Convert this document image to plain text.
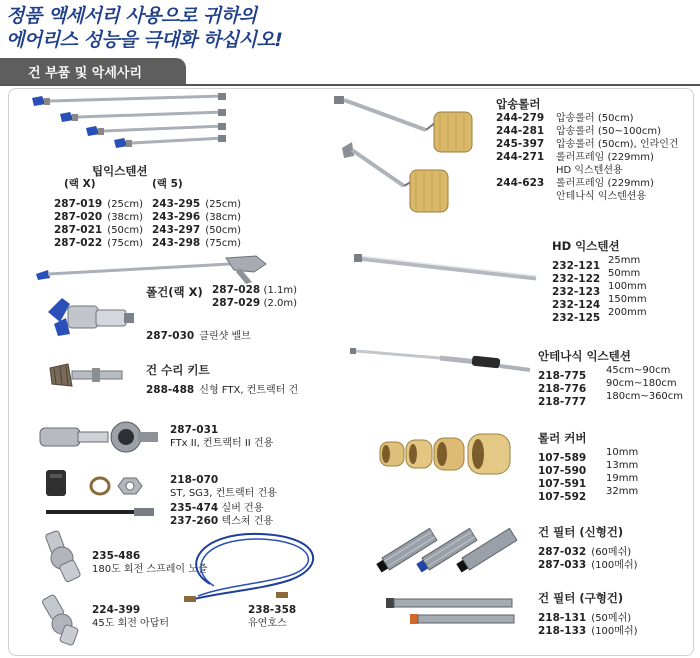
정품 액세서리 사용으로 귀하의
에어리스 성능을 극대화 하십시오!
건 부품 및 악세사리
팁익스텐션
(랙 X)	(랙 5)
287-019 (25cm)
287-020 (38cm)
287-021 (50cm)
287-022 (75cm)
243-295 (25cm)
243-296 (38cm)
243-297 (50cm)
243-298 (75cm)
폴건(랙 X) 287-028 (1.1m)
287-029 (2.0m)
287-030 클린샷 밸브
건 수리 키트
288-488 신형 FTX, 컨트랙터 건
287-031
FTx II, 컨트랙터 II 건용
218-070
ST, SG3, 컨트랙터 건용
235-474 실버 건용
237-260 텍스쳐 건용
235-486
180도 회전 스프레이 노즐
224-399
45도 회전 아답터
238-358
유연호스
압송롤러
244-279
244-281
245-397
244-271
244-623
압송롤러 (50cm)
압송롤러 (50~100cm)
압송롤러 (50cm), 인라인건
롤러프레임 (229mm)
HD 익스텐션용
롤러프레임 (229mm)
안테나식 익스텐션용
HD 익스텐션
232-121
232-122
232-123
232-124
232-125
25mm
50mm
100mm
150mm
200mm
안테나식 익스텐션
218-775
218-776
218-777
45cm~90cm
90cm~180cm
180cm~360cm
롤러 커버
107-589
107-590
107-591
107-592
10mm
13mm
19mm
32mm
건 필터 (신형건)
287-032 (60메쉬)
287-033 (100메쉬)
건 필터 (구형건)
218-131 (50메쉬)
218-133 (100메쉬)
